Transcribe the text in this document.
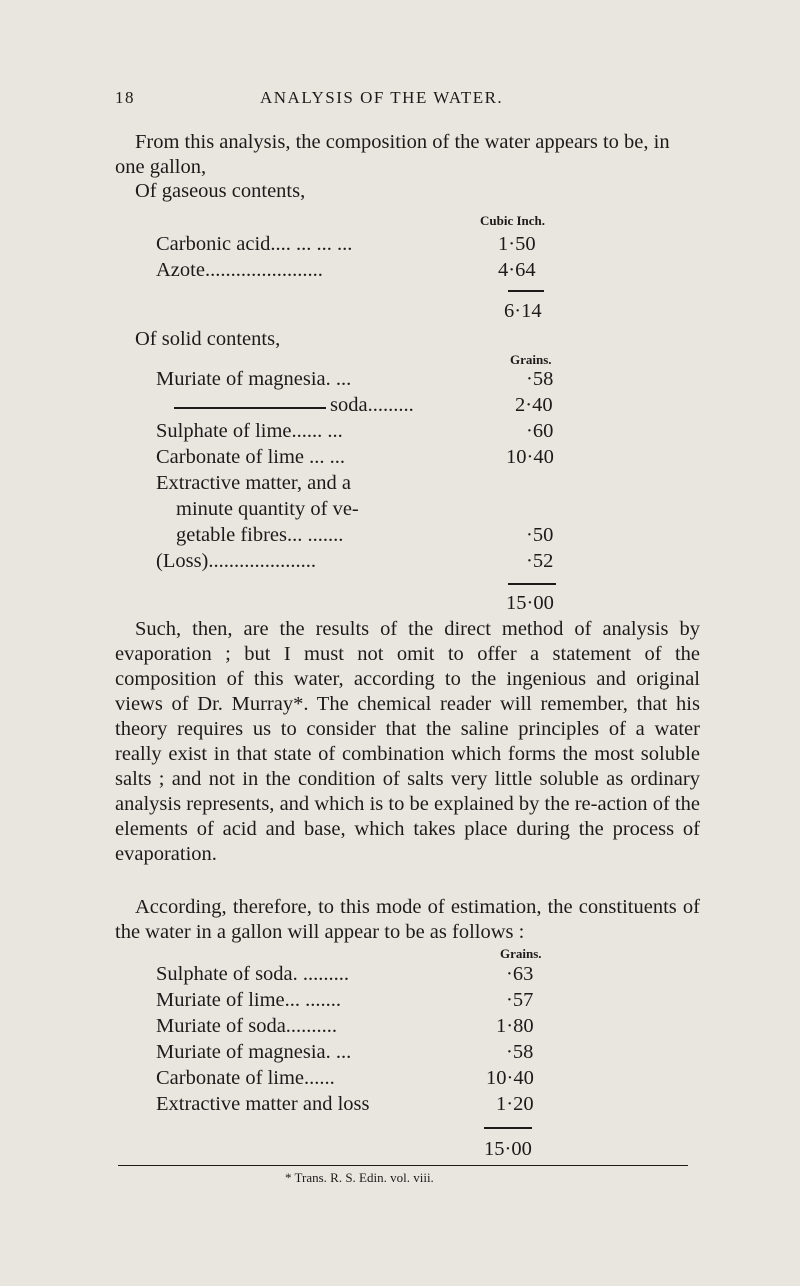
18	ANALYSIS OF THE WATER.
From this analysis, the composition of the water appears to be, in one gallon,
Of gaseous contents,
Cubic Inch.
Carbonic acid.... ... ... ...	1·50
Azote.......................	4·64
6·14
Of solid contents,
Grains.
Muriate of magnesia. ...	·58
soda.........	2·40
Sulphate of lime...... ...	·60
Carbonate of lime ... ...	10·40
Extractive matter, and a
minute quantity of ve-
getable fibres... .......	·50
(Loss).....................	·52
15·00
Such, then, are the results of the direct method of analysis by evaporation ; but I must not omit to offer a statement of the composition of this water, according to the ingenious and original views of Dr. Murray*. The chemical reader will remember, that his theory requires us to consider that the saline principles of a water really exist in that state of combination which forms the most soluble salts ; and not in the condition of salts very little soluble as ordinary analysis represents, and which is to be explained by the re-action of the elements of acid and base, which takes place during the process of evaporation.
According, therefore, to this mode of estimation, the constituents of the water in a gallon will appear to be as follows :
Grains.
Sulphate of soda. .........	·63
Muriate of lime... .......	·57
Muriate of soda..........	1·80
Muriate of magnesia. ...	·58
Carbonate of lime......	10·40
Extractive matter and loss	1·20
15·00
* Trans. R. S. Edin. vol. viii.
